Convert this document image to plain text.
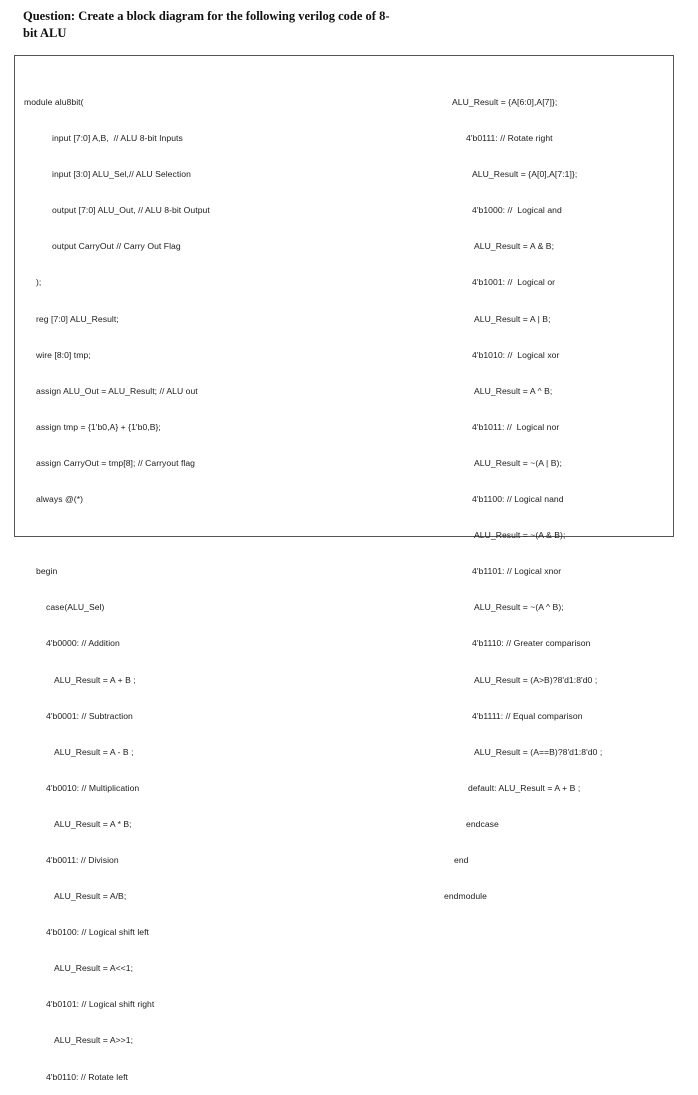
Question: Create a block diagram for the following verilog code of 8-
bit ALU

module alu8bit(

input [7:0] A,B,  // ALU 8-bit Inputs

input [3:0] ALU_Sel,// ALU Selection

output [7:0] ALU_Out, // ALU 8-bit Output

output CarryOut // Carry Out Flag

);

reg [7:0] ALU_Result;

wire [8:0] tmp;

assign ALU_Out = ALU_Result; // ALU out

assign tmp = {1'b0,A} + {1'b0,B};

assign CarryOut = tmp[8]; // Carryout flag

always @(*)

begin

case(ALU_Sel)

4'b0000: // Addition

ALU_Result = A + B ;

4'b0001: // Subtraction

ALU_Result = A - B ;

4'b0010: // Multiplication

ALU_Result = A * B;

4'b0011: // Division

ALU_Result = A/B;

4'b0100: // Logical shift left

ALU_Result = A<<1;

4'b0101: // Logical shift right

ALU_Result = A>>1;

4'b0110: // Rotate left

ALU_Result = {A[6:0],A[7]};

4'b0111: // Rotate right

ALU_Result = {A[0],A[7:1]};

4'b1000: //  Logical and

ALU_Result = A & B;

4'b1001: //  Logical or

ALU_Result = A | B;

4'b1010: //  Logical xor

ALU_Result = A ^ B;

4'b1011: //  Logical nor

ALU_Result = ~(A | B);

4'b1100: // Logical nand

ALU_Result = ~(A & B);

4'b1101: // Logical xnor

ALU_Result = ~(A ^ B);

4'b1110: // Greater comparison

ALU_Result = (A>B)?8'd1:8'd0 ;

4'b1111: // Equal comparison

ALU_Result = (A==B)?8'd1:8'd0 ;

default: ALU_Result = A + B ;

endcase

end

endmodule
